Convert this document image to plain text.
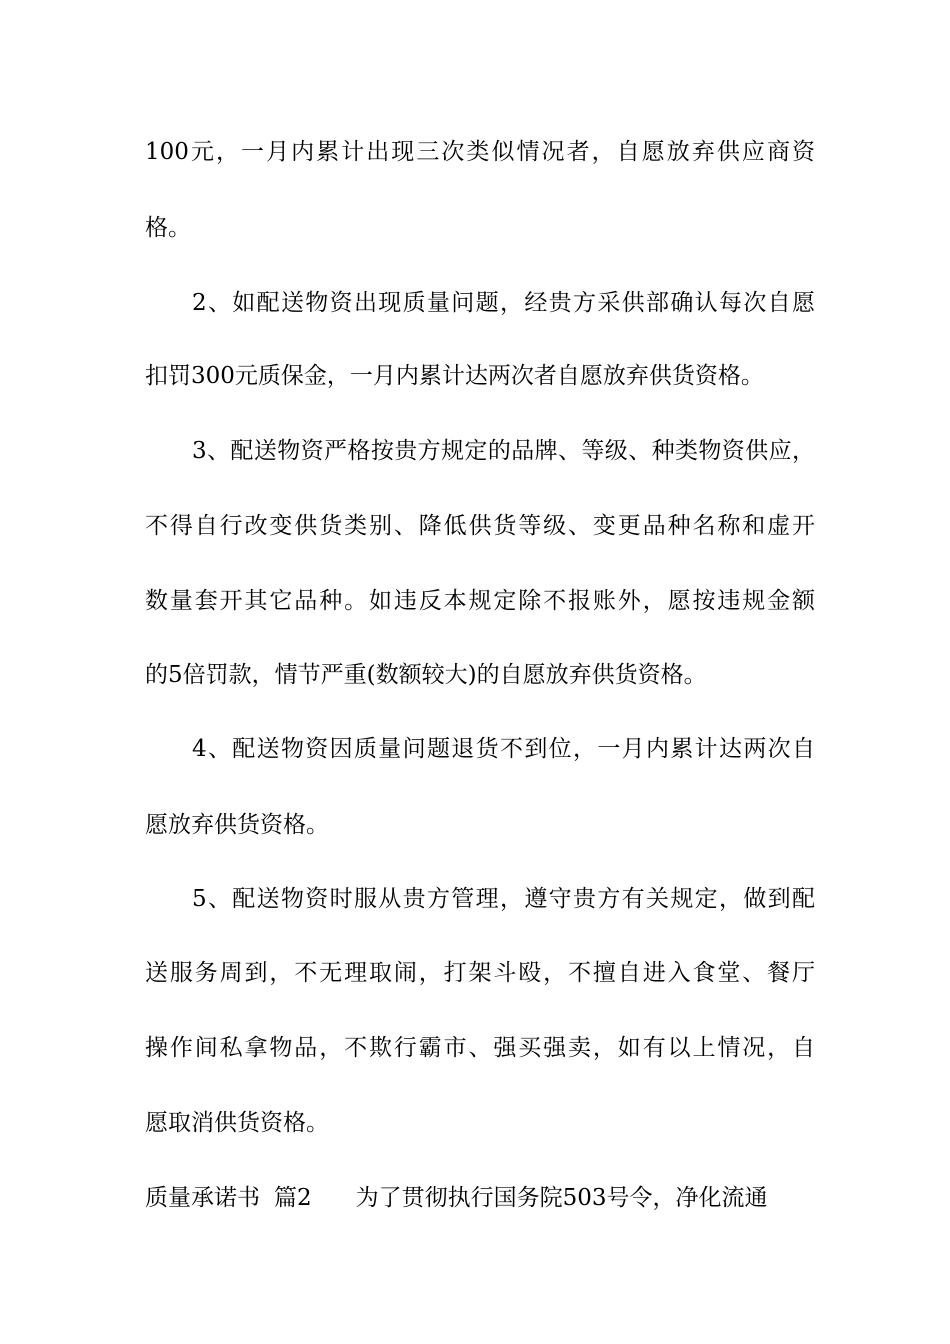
100元，一月内累计出现三次类似情况者，自愿放弃供应商资
格。
2、如配送物资出现质量问题，经贵方采供部确认每次自愿
扣罚300元质保金，一月内累计达两次者自愿放弃供货资格。
3、配送物资严格按贵方规定的品牌、等级、种类物资供应，
不得自行改变供货类别、降低供货等级、变更品种名称和虚开
数量套开其它品种。如违反本规定除不报账外，愿按违规金额
的5倍罚款，情节严重(数额较大)的自愿放弃供货资格。
4、配送物资因质量问题退货不到位，一月内累计达两次自
愿放弃供货资格。
5、配送物资时服从贵方管理，遵守贵方有关规定，做到配
送服务周到，不无理取闹，打架斗殴，不擅自进入食堂、餐厅
操作间私拿物品，不欺行霸市、强买强卖，如有以上情况，自
愿取消供货资格。
质量承诺书 篇2 为了贯彻执行国务院503号令，净化流通
